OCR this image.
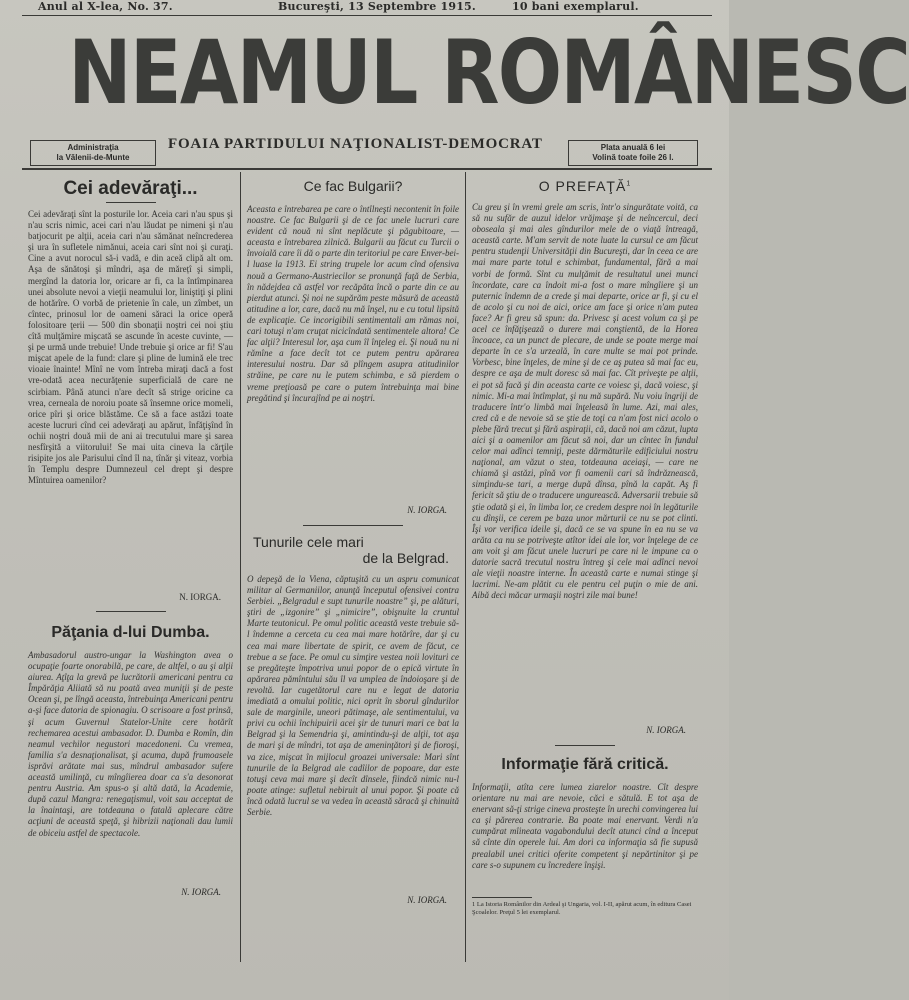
Anul al X-lea, No. 37.	Bucureşti, 13 Septembre 1915.	10 bani exemplarul.
NEAMUL ROMÂNESC
Administraţia
la Vălenii-de-Munte
FOAIA PARTIDULUI NAŢIONALIST-DEMOCRAT	Plata anuală 6 lei
Volină toate foile 26 l.
Cei adevăraţi...

Cei adevăraţi sînt la posturile lor. Aceia cari n'au spus şi n'au scris nimic, acei cari n'au lăudat pe nimeni şi n'au batjocurit pe alţii, aceia cari n'au sămănat neîncrederea şi ura în sufletele nimănui, aceia cari sînt noi şi curaţi. Cine a avut norocul să-i vadă, e din aceă clipă alt om. Aşa de sănătoşi şi mîndri, aşa de mărețî şi simpli, mergînd la datoria lor, oricare ar fi, ca la întîmpinarea unei absolute nevoi a vieţii neamului lor, liniştiţi şi plini de hotărîre. O vorbă de prietenie în cale, un zîmbet, un cîntec, prinosul lor de oameni săraci la orice operă folositoare ţerii — 500 din sbonaţii noştri cei noi ştiu cîtă mulţămire mişcată se ascunde în aceste cuvinte, — şi pe urmă unde trebuie! Unde trebuie şi orice ar fi! S'au mişcat apele de la fund: clare şi pline de lumină ele trec vioaie înainte! Mînî ne vom întreba miraţi dacă a fost vre-odată acea necurăţenie superficială de care ne scirbiam. Până atunci n'are decît să strige oricine ca vrea, cerneala de noroiu poate să însemne orice momeli, orice pîri şi orice blăstăme. Ce să a face astăzi toate aceste lucruri cînd cei adevăraţi au apărut, înfăţişînd în ochii noştri două mii de ani ai trecutului mare şi sarea nesfîrşită a viitorului! Se mai uita cineva la cărţile risipite jos ale Parisului cînd îl na, tînăr şi viteaz, vorbia în Templu despre Dumnezeul cel drept şi despre Mîntuirea oamenilor?

N. IORGA.
Păţania d-lui Dumba.

Ambasadorul austro-ungar la Washington avea o ocupaţie foarte onorabilă, pe care, de altfel, o au şi alţii aiurea. Aţîţa la grevă pe lucrătorii americani pentru ca Împărăţia Aliiată să nu poată avea muniţii şi de peste Ocean şi, pe lîngă aceasta, întrebuinţa Americani pentru a-şi face datoria de spionagiu. O scrisoare a fost prinsă, şi acum Guvernul Statelor-Unite cere hotărît rechemarea acestui ambasador. D. Dumba e Romîn, din neamul vechilor negustori macedoneni. Cu vremea, familia s'a desnaţionalisat, şi acuma, după frumoasele isprăvi arătate mai sus, mîndrul ambasador sufere această umilinţă, cu mîngîierea doar ca s'a desonorat pentru Austria. Am spus-o şi altă dată, la Academie, după cazul Mangra: renegaţismul, voit sau acceptat de la înaintaşi, are totdeauna o fatală aplecare către acţiuni de această speţă, şi hibrizii naţionali dau lumii de obiceiu astfel de spectacole.

N. IORGA.
Ce fac Bulgarii?

Aceasta e întrebarea pe care o întîlneşti necontenit în foile noastre. Ce fac Bulgarii şi de ce fac unele lucruri care evident că nouă ni sînt neplăcute şi păgubitoare, — aceasta e întrebarea zilnică. Bulgarii au făcut cu Turcii o învoială care îi dă o parte din teritoriul pe care Enver-bei-l luase la 1913. Ei string trupele lor acum cînd ofensiva nouă a Germano-Austriecilor se pronunţă faţă de Serbia, în nădejdea că astfel vor recăpăta încă o parte din ce au pierdut atunci. Şi noi ne supărăm peste măsură de această atitudine a lor, care, dacă nu mă înşel, nu e cu totul lipsită de explicaţie. Ce incorigibili sentimentali am rămas noi, cari totuşi n'am cruţat nicicîndată sentimentele altora! Ce fac alţii? Interesul lor, aşa cum îl înţeleg ei. Şi nouă nu ni rămîne a face decît tot ce putem pentru apărarea interesului nostru. Dar să plîngem asupra atitudinilor străine, pe care nu le putem schimba, e să pierdem o vreme preţioasă pe care o putem întrebuinţa mai bine pregătind şi încurajînd pe ai noştri.

N. IORGA.
Tunurile cele mari
de la Belgrad.

O depeşă de la Viena, căptuşită cu un aspru comunicat militar al Germaniilor, anunţă începutul ofensivei contra Serbiei. „Belgradul e supt tunurile noastre” şi, pe alături, ştiri de „izgonire” şi „nimicire”, obişnuite la cruntul Marte teutonicul. Pe omul politic această veste trebuie să-l îndemne a cerceta cu cea mai mare hotărîre, dar şi cu cea mai mare libertate de spirit, ce avem de făcut, ce trebue a se face. Pe omul cu simţire vestea noii lovituri ce se pregăteşte împotriva unui popor de o epică virtute în apărarea pămîntului său îl va umplea de îndoioşare şi de revoltă. Iar cugetătorul care nu e legat de datoria imediată a omului politic, nici oprit în sborul gîndurilor sale de marginile, uneori pătimaşe, ale sentimentului, va privi cu ochii închipuirii acei şir de tunuri mari ce bat la Belgrad şi la Semendria şi, amintindu-şi de alţii, tot aşa de mari şi de mîndri, tot aşa de ameninţători şi de fioroşi, va zice, mişcat în mijlocul groazei universale: Mari sînt tunurile de la Belgrad ale cadîilor de popoare, dar este totuşi ceva mai mare şi decît dînsele, fiindcă nimic nu-l poate atinge: sufletul nebiruit al unui popor. Şi poate că încă odată lucrul se va vedea în această săracă şi chinuită Serbie.

N. IORGA.
O PREFAŢĂ$^1$

Cu greu şi în vremi grele am scris, într'o singurătate voită, ca să nu sufăr de auzul idelor vrăjmaşe şi de neîncercul, deci oboseala şi mai ales gîndurilor mele de o viaţă întreagă, această carte. M'am servit de note luate la cursul ce am făcut pentru studenţii Universităţii din Bucureşti, dar în ceea ce are mai mare parte totul e schimbat, fundamental, fără a mai vorbi de formă. Sînt cu mulţămit de resultatul unei munci încordate, care ca îndoit mi-a fost o mare mîngîiere şi un puternic îndemn de a crede şi mai departe, orice ar fi, şi cu el de acolo şi cu noi de aici, orice am face şi orice n'am putea face? Ar fi greu să spun: da. Privesc şi acest volum ca şi pe acel ce înfăţişează o durere mai conştientă, de la Horea încoace, ca un punct de plecare, de unde se poate merge mai departe în ce s'a urzeală, în care multe se mai pot prinde. Vorbesc, bine înţeles, de mine şi de ce aş putea să mai fac eu, despre ce aşa de mult doresc să mai fac. Cît priveşte pe alţii, ei pot să facă şi din aceasta carte ce voiesc şi, dacă voiesc, şi nimic. Mi-a mai întîmplat, şi nu mă supără. Nu voiu îngriji de traducere într'o limbă mai înţeleasă în lume. Azi, mai ales, cred că e de nevoie să se ştie de toţi ca n'am fost nici acolo o plebe fără trecut şi fără aspiraţii, că, dacă noi am căzut, lupta aici şi a oamenilor am făcut să noi, dar un cîntec în fundul celor mai adînci temniţi, peste dărmăturile edificiului nostru naţional, am văzut o stea, totdeauna aceiaşi, — care ne chiamă şi astăzi, pînă vor fi oamenii cari să îndrăznească, simţindu-se tari, a merge după dînsa, pînă la capăt. Aş fi fericit să ştiu de o traducere ungurească. Adversarii trebuie să ştie odată şi ei, în limba lor, ce credem despre noi în legăturile cu dînşii, ce cerem pe baza unor mărturii ce nu se pot clinti. Îşi vor verifica ideile şi, dacă ce se va spune în ea nu se va arăta ca nu se potriveşte atîtor idei ale lor, vor înţelege de ce am voit şi am făcut unele lucruri pe care ni le impune ca o datorie sacră trecutul nostru întreg şi cele mai adînci nevoi ale vieţii noastre interne. În această carte e numai stinge şi lacrimi. Ne-am plătit cu ele pentru cel puţin o mie de ani. Aibă deci măcar urmaşii noştri zile mai bune!

N. IORGA.
Informaţie fără critică.

Informaţii, atîta cere lumea ziarelor noastre. Cît despre orientare nu mai are nevoie, căci e sătulă. E tot aşa de enervant să-ţi strige cineva prosteşte în urechi convingerea lui ca şi părerea contrarie. Ba poate mai enervant. Verdi n'a cumpărat mîineata vagabondului decît atunci cînd a început să cînte din operele lui. Am dori ca informaţia să fie supusă prealabil unei critici oferite competent şi nepărtinitor şi pe care s-o supunem cu încredere înşişi.

1 La Istoria Românilor din Ardeal şi Ungaria, vol. I-II, apărut acum, în editura Casei Şcoalelor. Preţul 5 lei exemplarul.
